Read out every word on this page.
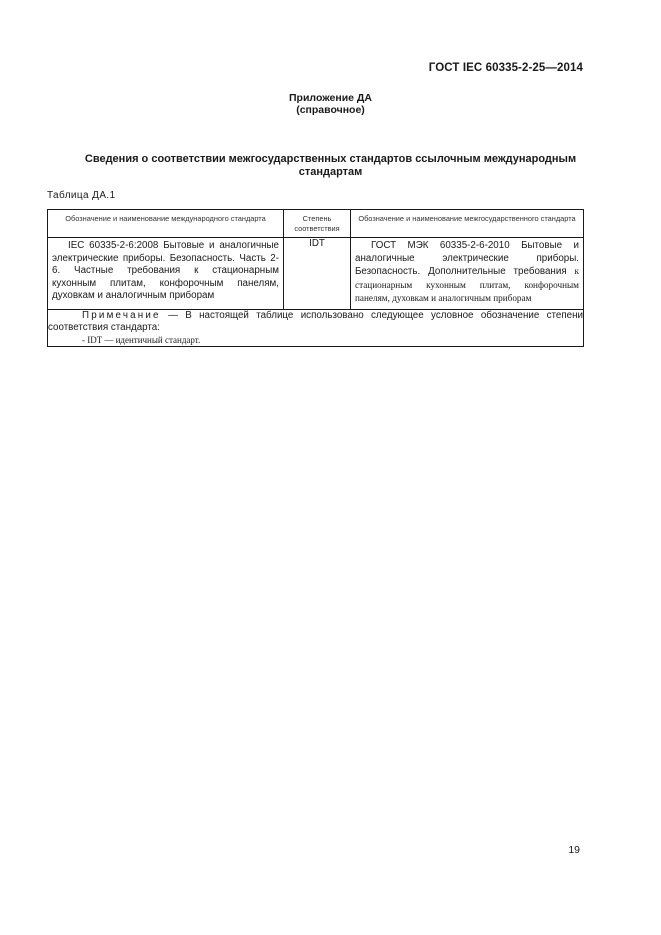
ГОСТ IEC 60335-2-25—2014
Приложение ДА
(справочное)
Сведения о соответствии межгосударственных стандартов ссылочным международным стандартам
Таблица ДА.1
Обозначение и наименование международного стандарта	Степень соответствия	Обозначение и наименование межгосударственного стандарта

IEC 60335-2-6:2008 Бытовые и аналогичные электрические приборы. Безопасность. Часть 2-6. Частные требования к стационарным кухонным плитам, конфорочным панелям, духовкам и аналогичным приборам	IDT	ГОСТ МЭК 60335-2-6-2010 Бытовые и аналогичные электрические приборы. Безопасность. Дополнительные требования к стационарным кухонным плитам, конфорочным панелям, духовкам и аналогичным приборам

Примечание — В настоящей таблице использовано следующее условное обозначение степени соответствия стандарта:
- IDT — идентичный стандарт.		
19
